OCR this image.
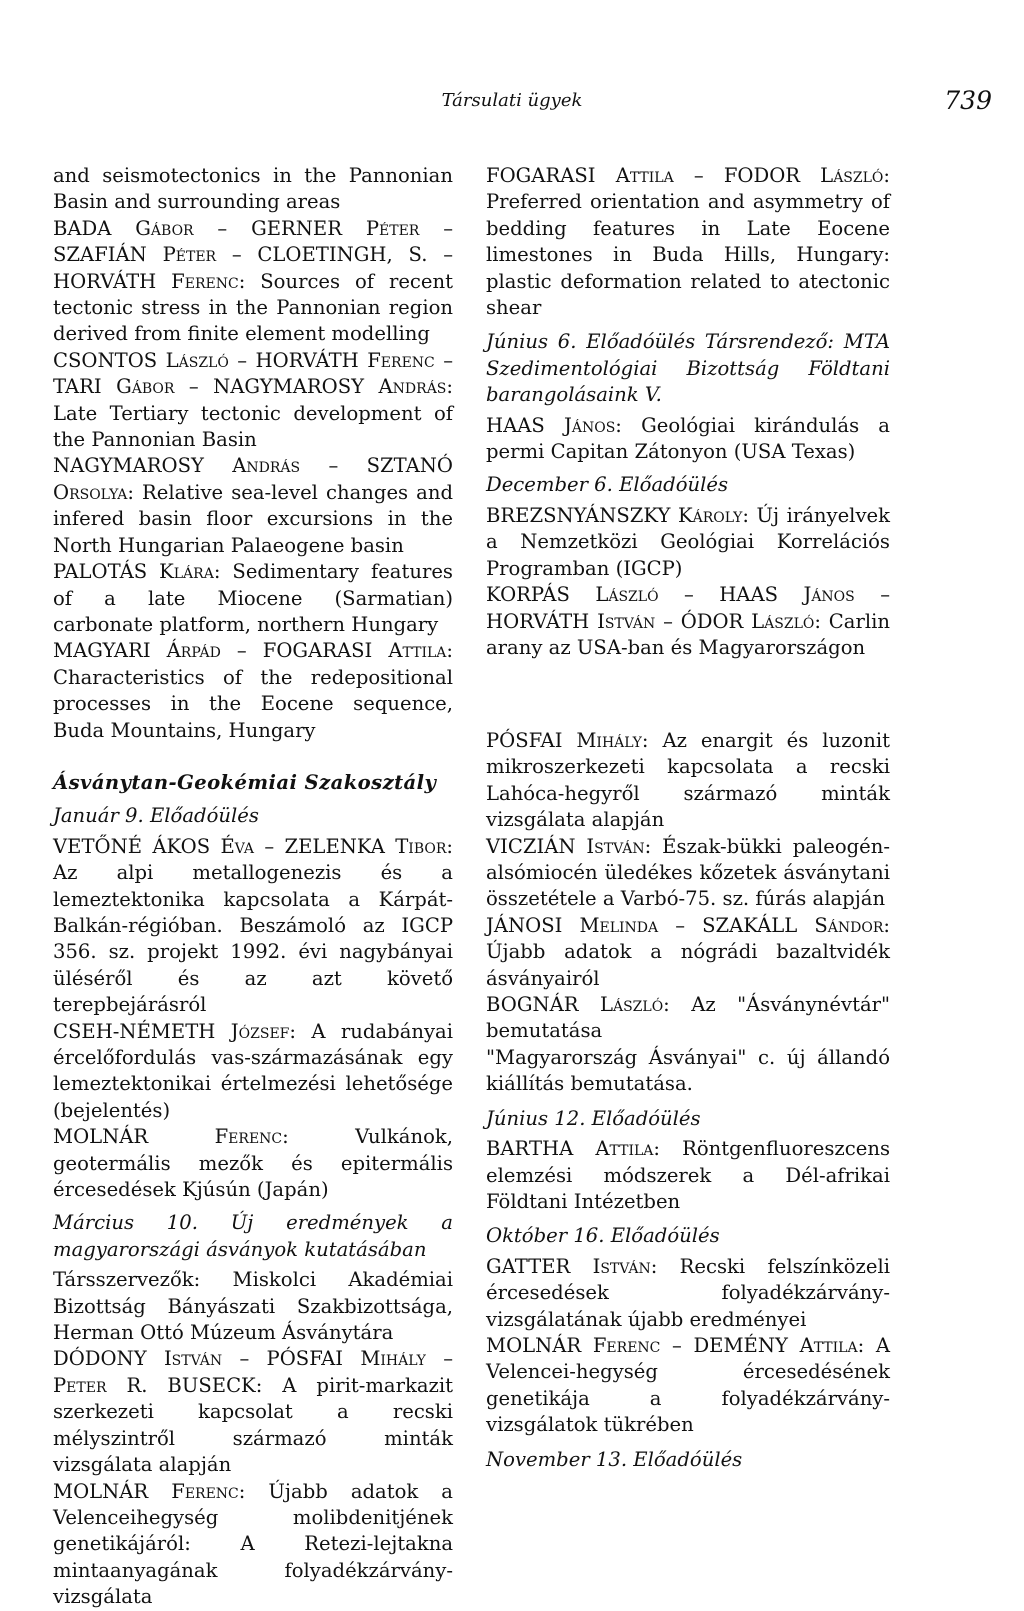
Társulati ügyek	739

and seismotectonics in the Pannonian Basin and surrounding areas

BADA Gábor – GERNER Péter – SZAFIÁN Péter – CLOETINGH, S. – HORVÁTH Ferenc: Sources of recent tectonic stress in the Pannonian region derived from finite element modelling

CSONTOS László – HORVÁTH Ferenc – TARI Gábor – NAGYMAROSY András: Late Tertiary tectonic development of the Pannonian Basin

NAGYMAROSY András – SZTANÓ Orsolya: Relative sea-level changes and infered basin floor excursions in the North Hungarian Palaeogene basin

PALOTÁS Klára: Sedimentary features of a late Miocene (Sarmatian) carbonate platform, northern Hungary

MAGYARI Árpád – FOGARASI Attila: Characteristics of the redepositional processes in the Eocene sequence, Buda Mountains, Hungary

Ásványtan-Geokémiai Szakosztály

Január 9. Előadóülés

VETŐNÉ ÁKOS Éva – ZELENKA Tibor: Az alpi metallogenezis és a lemeztektonika kapcsolata a Kárpát-Balkán-régióban. Beszámoló az IGCP 356. sz. projekt 1992. évi nagybányai üléséről és az azt követő terepbejárásról

CSEH-NÉMETH József: A rudabányai ércelőfordulás vas-származásának egy lemeztektonikai értelmezési lehetősége (bejelentés)

MOLNÁR Ferenc:	Vulkánok, geotermális mezők és epitermális ércesedések Kjúsún (Japán)

Március 10. Új eredmények a magyarországi ásványok kutatásában

Társszervezők: Miskolci Akadémiai Bizottság Bányászati Szakbizottsága, Herman Ottó Múzeum Ásványtára

DÓDONY István – PÓSFAI Mihály – Peter R. BUSECK: A pirit-markazit szerkezeti kapcsolat a recski mélyszintről származó minták vizsgálata alapján

MOLNÁR Ferenc: Újabb adatok a Velenceihegység molibdenitjének genetikájáról: A Retezi-lejtakna mintaanyagának folyadékzárvány-vizsgálata

FOGARASI Attila – FODOR László: Preferred orientation and asymmetry of bedding features in Late Eocene limestones in Buda Hills, Hungary: plastic deformation related to atectonic shear

Június 6. Előadóülés Társrendező: MTA Szedimentológiai Bizottság Földtani barangolásaink V.

HAAS János: Geológiai kirándulás a permi Capitan Zátonyon (USA Texas)

December 6. Előadóülés

BREZSNYÁNSZKY Károly: Új irányelvek a Nemzetközi Geológiai Korrelációs Programban (IGCP)

KORPÁS László – HAAS János – HORVÁTH István – ÓDOR László: Carlin arany az USA-ban és Magyarországon

PÓSFAI Mihály: Az enargit és luzonit mikroszerkezeti kapcsolata a recski Lahóca-hegyről származó minták vizsgálata alapján

VICZIÁN István: Észak-bükki paleogén-alsómiocén üledékes kőzetek ásványtani összetétele a Varbó-75. sz. fúrás alapján

JÁNOSI Melinda – SZAKÁLL Sándor: Újabb adatok a nógrádi bazaltvidék ásványairól

BOGNÁR László: Az "Ásványnévtár" bemutatása

"Magyarország Ásványai" c. új állandó kiállítás bemutatása.

Június 12. Előadóülés

BARTHA Attila: Röntgenfluoreszcens elemzési módszerek a Dél-afrikai Földtani Intézetben

Október 16. Előadóülés

GATTER István: Recski felszínközeli ércesedések folyadékzárvány-vizsgálatának újabb eredményei

MOLNÁR Ferenc – DEMÉNY Attila: A Velencei-hegység ércesedésének genetikája a folyadékzárvány-vizsgálatok tükrében

November 13. Előadóülés
